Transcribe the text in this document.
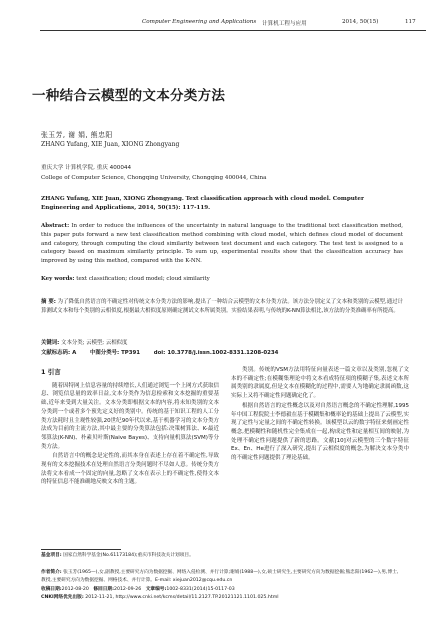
Computer Engineering and Applications 计算机工程与应用	2014, 50(15)	117
一种结合云模型的文本分类方法
张玉芳, 谢 娟, 熊忠阳
ZHANG Yufang, XIE Juan, XIONG Zhongyang
重庆大学 计算机学院, 重庆 400044
College of Computer Science, Chongqing University, Chongqing 400044, China
ZHANG Yufang, XIE Juan, XIONG Zhongyang. Text classification approach with cloud model. Computer Engineering and Applications, 2014, 50(15): 117-119.
Abstract: In order to reduce the influences of the uncertainty in natural language to the traditional text classification method, this paper puts forward a new text classification method combining with cloud model, which defines cloud model of document and category, through computing the cloud similarity between test document and each category. The test text is assigned to a category based on maximum similarity principle. To sum up, experimental results show that the classification accuracy has improved by using this method, compared with the K-NN.
Key words: text classification; cloud model; cloud similarity
摘 要: 为了降低自然语言的不确定性对传统文本分类方法的影响,提出了一种结合云模型的文本分类方法。该方法分别定义了文本和类别的云模型,通过计算测试文本和每个类别的云相似度,根据最大相似度原则确定测试文本所属类别。实验结果表明,与传统的K-NN算法相比,该方法的分类准确率有所提高。
关键词: 文本分类; 云模型; 云相似度
文献标志码: A	中图分类号: TP391	doi: 10.3778/j.issn.1002-8331.1208-0234
1 引言

随着因特网上信息容量的持续增长,人们通过浏览一个上网方式获取信息、浏览信息量的效率日益,文本分类作为信息检索和文本挖掘的重要基础,近年来受到大量关注。文本分类即根据文本的内容,将未知类别的文本分类到一个或者多个预先定义好的类别中。传统的基于知识工程的人工分类方法耗时且主观性较强,20世纪90年代以来,基于机器学习的文本分类方法成为目前的主流方法,其中最主要的分类算法包括:决策树算法、K-最近邻算法(K-NN)、朴素贝叶斯(Naive Bayes)、支持向量机算法(SVM)等分类方法。

自然语言中的概念是定性的,而其本身在表述上存在着不确定性,导致现有的文本挖掘技术在处理自然语言分类问题时不尽如人意。传统分类方法将文本看成一个固定的向量,忽略了文本在表示上的不确定性,使得文本的特征信息不能准确地反映文本的主题。

类别。传统的VSM方法用特征向量表述一篇文章以及类别,忽视了文本的不确定性;在模糊集理论中将文本看成特征项的模糊子集,表述文本所属类别的隶属度,但是文本在模糊化的过程中,需要人为地确定隶属函数,这实际上又将不确定性问题确定化了。

根据自然语言的定性概念以及对自然语言概念的不确定性理解,1995年中国工程院院士李德毅在基于模糊集和概率论的基础上提出了云模型,实现了定性与定量之间的不确定性转换。该模型以云的数字特征来刻画定性概念,把模糊性和随机性完全集成在一起,构成定性和定量相互间的映射,为处理不确定性问题提供了新的思路。文献[10]对云模型的三个数字特征Ex、En、He进行了深入研究,提出了云相似度的概念,为解决文本分类中的不确定性问题提供了理论基础。

基金项目: 国家自然科学基金(No.61173184);重庆市科技攻关计划项目。
作者简介: 张玉芳(1965—),女,副教授,主要研究方向为数据挖掘、网络入侵检测、并行计算;谢娟(1988—),女,硕士研究生,主要研究方向为数据挖掘;熊忠阳(1962—),男,博士,教授,主要研究方向为数据挖掘、网格技术、并行计算。E-mail: xiejuan2012@cqu.edu.cn
收稿日期:2012-08-20 修回日期:2012-09-26 文章编号:1002-8331(2014)15-0117-03
CNKI网络优先出版: 2012-11-21, http://www.cnki.net/kcms/detail/11.2127.TP.20121121.1101.025.html
